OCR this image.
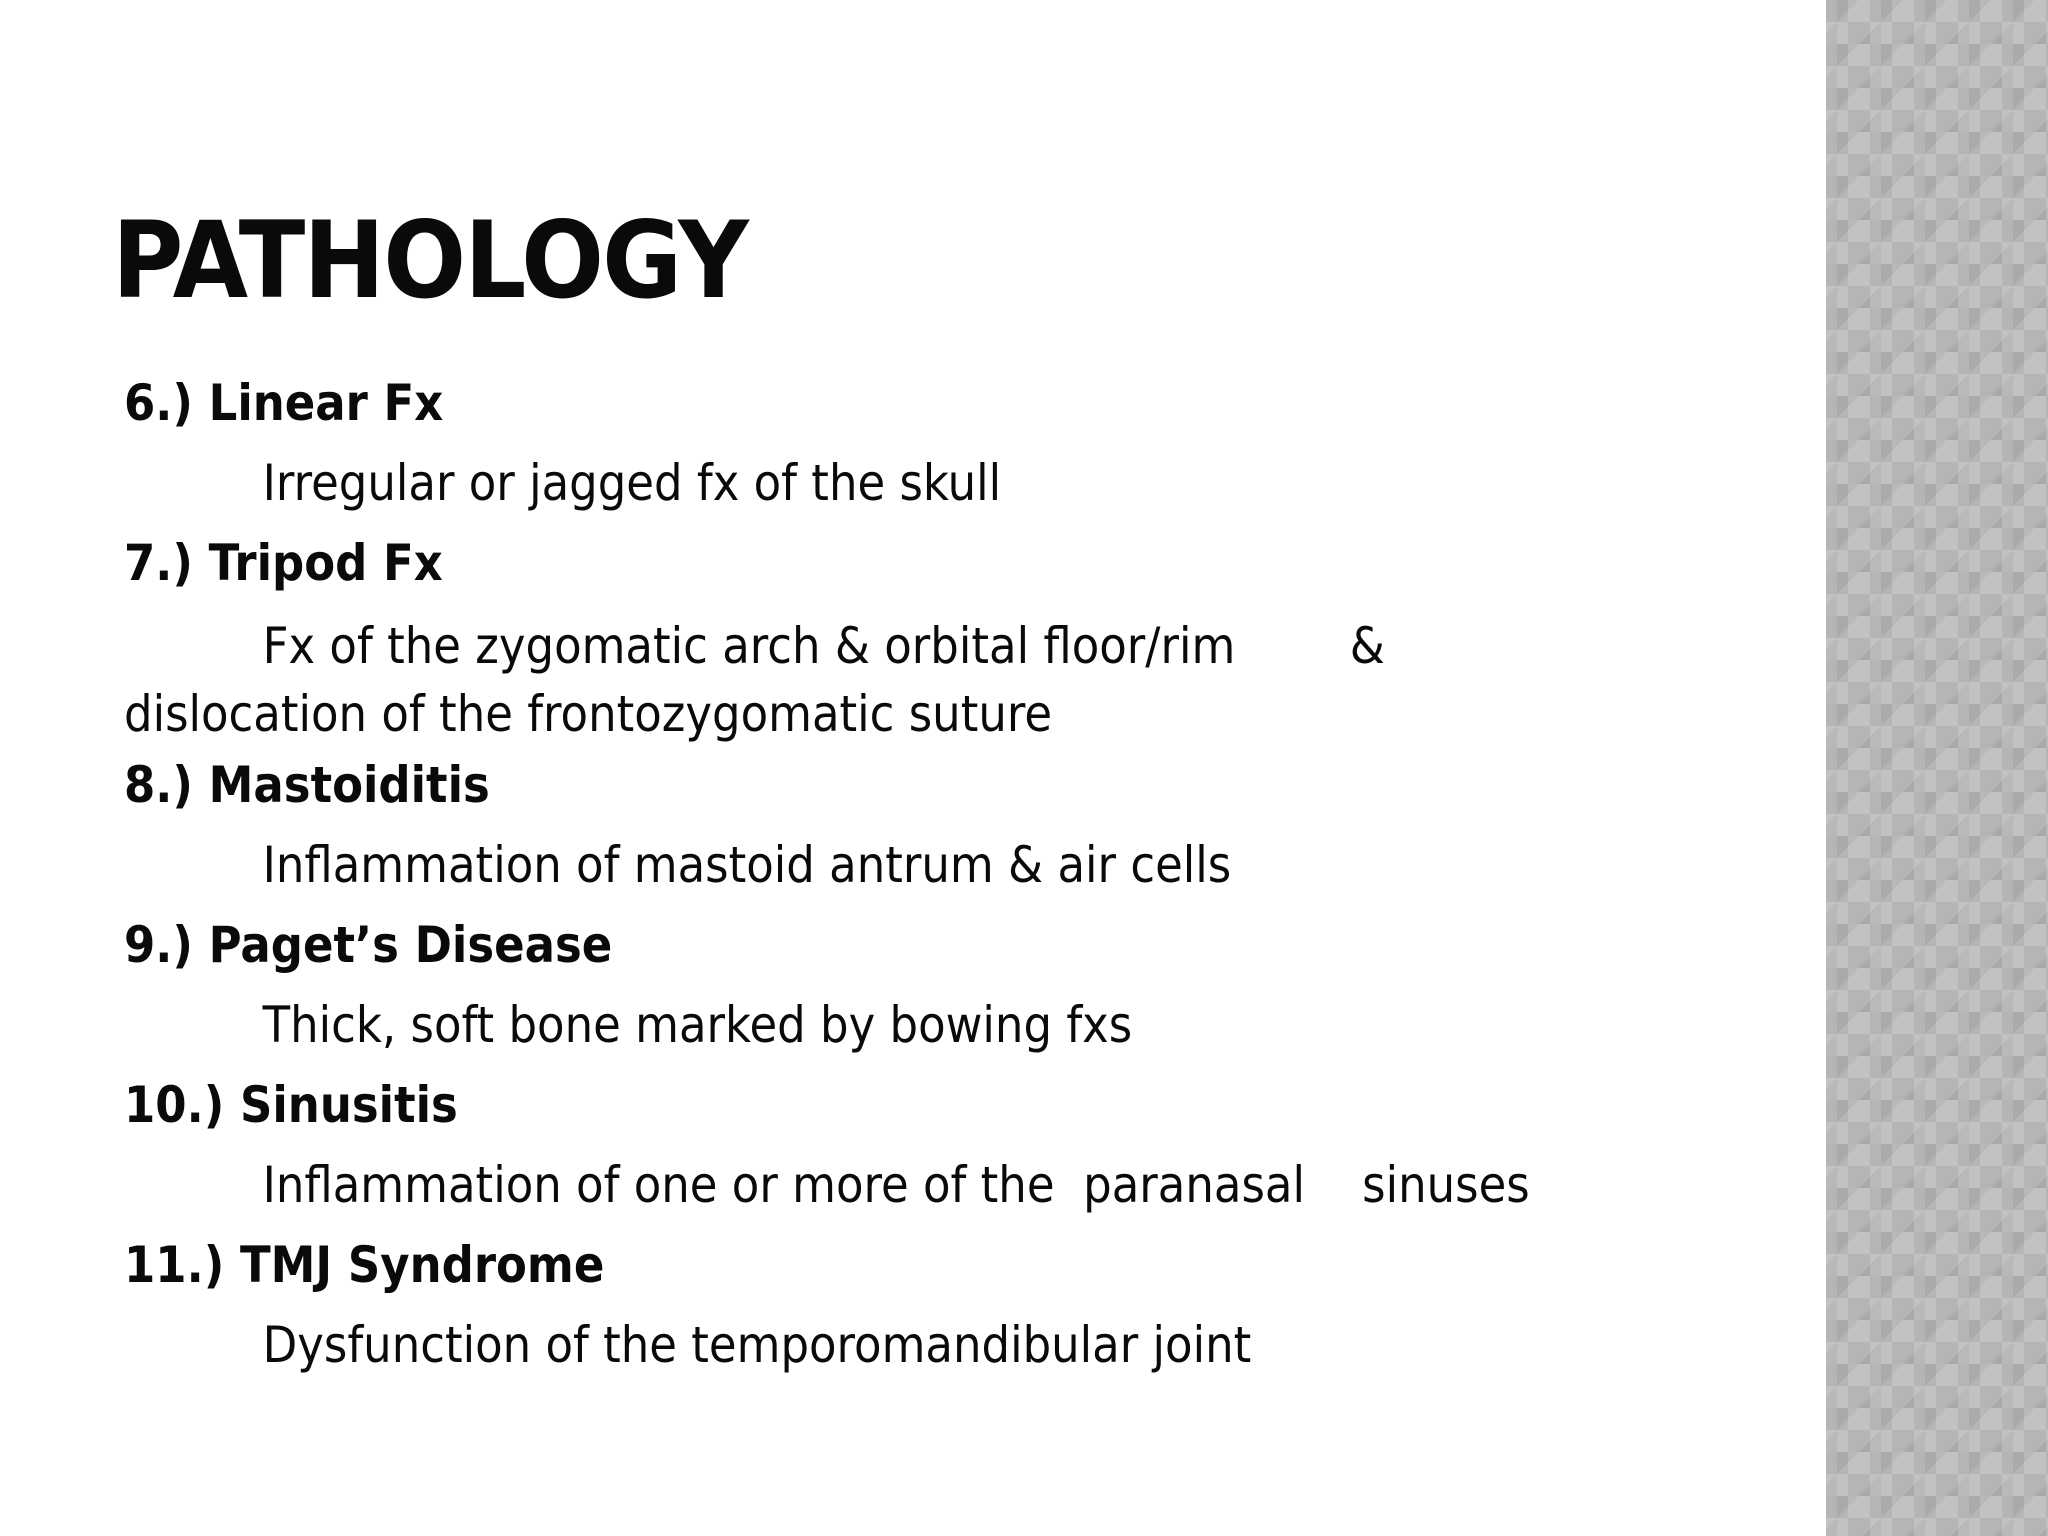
PATHOLOGY
6.) Linear Fx
Irregular or jagged fx of the skull
7.) Tripod Fx
Fx of the zygomatic arch & orbital floor/rim        &
dislocation of the frontozygomatic suture
8.) Mastoiditis
Inflammation of mastoid antrum & air cells
9.) Paget’s Disease
Thick, soft bone marked by bowing fxs
10.) Sinusitis
Inflammation of one or more of the  paranasal    sinuses
11.) TMJ Syndrome
Dysfunction of the temporomandibular joint
